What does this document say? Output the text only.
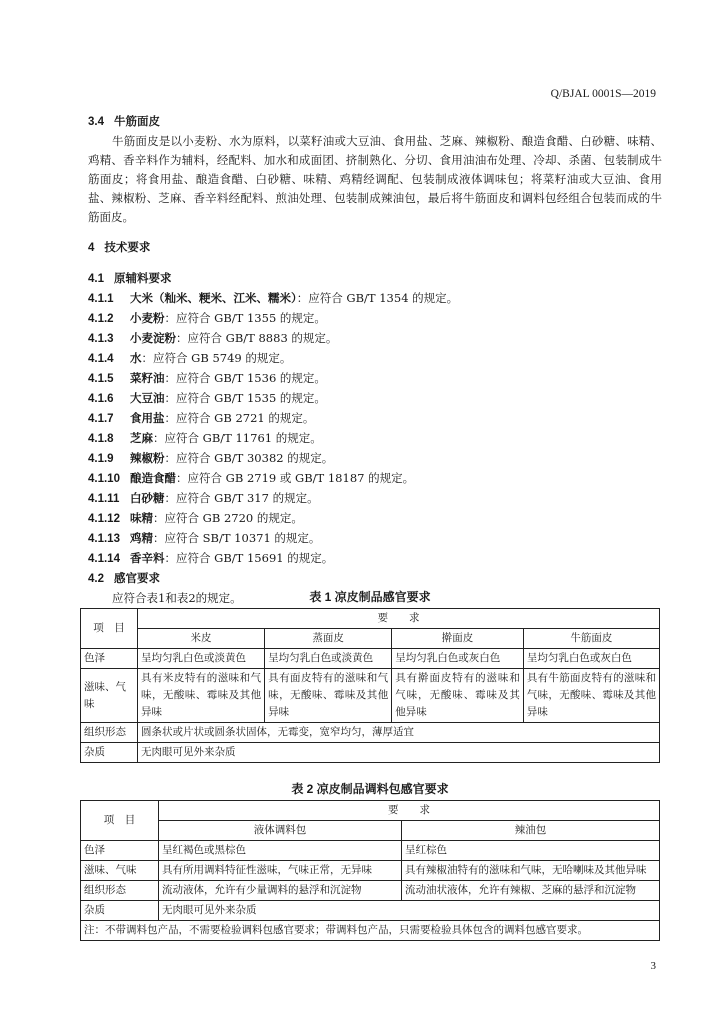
Q/BJAL 0001S—2019

3.4 牛筋面皮

牛筋面皮是以小麦粉、水为原料，以菜籽油或大豆油、食用盐、芝麻、辣椒粉、酿造食醋、白砂糖、味精、鸡精、香辛料作为辅料，经配料、加水和成面团、挤制熟化、分切、食用油油布处理、冷却、杀菌、包装制成牛筋面皮；将食用盐、酿造食醋、白砂糖、味精、鸡精经调配、包装制成液体调味包；将菜籽油或大豆油、食用盐、辣椒粉、芝麻、香辛料经配料、煎油处理、包装制成辣油包，最后将牛筋面皮和调料包经组合包装而成的牛筋面皮。

4 技术要求

4.1 原辅料要求

4.1.1 大米（籼米、粳米、江米、糯米）：应符合 GB/T 1354 的规定。

4.1.2 小麦粉：应符合 GB/T 1355 的规定。

4.1.3 小麦淀粉：应符合 GB/T 8883 的规定。

4.1.4 水：应符合 GB 5749 的规定。

4.1.5 菜籽油：应符合 GB/T 1536 的规定。

4.1.6 大豆油：应符合 GB/T 1535 的规定。

4.1.7 食用盐：应符合 GB 2721 的规定。

4.1.8 芝麻：应符合 GB/T 11761 的规定。

4.1.9 辣椒粉：应符合 GB/T 30382 的规定。

4.1.10 酿造食醋：应符合 GB 2719 或 GB/T 18187 的规定。

4.1.11 白砂糖：应符合 GB/T 317 的规定。

4.1.12 味精：应符合 GB 2720 的规定。

4.1.13 鸡精：应符合 SB/T 10371 的规定。

4.1.14 香辛料：应符合 GB/T 15691 的规定。

4.2 感官要求

应符合表1和表2的规定。	表 1 凉皮制品感官要求
项　目	要　　求			
	米皮	蒸面皮	擀面皮	牛筋面皮
色泽	呈均匀乳白色或淡黄色	呈均匀乳白色或淡黄色	呈均匀乳白色或灰白色	呈均匀乳白色或灰白色
滋味、气味	具有米皮特有的滋味和气味，无酸味、霉味及其他异味	具有面皮特有的滋味和气味，无酸味、霉味及其他异味	具有擀面皮特有的滋味和气味，无酸味、霉味及其他异味	具有牛筋面皮特有的滋味和气味，无酸味、霉味及其他异味
组织形态	圆条状或片状或圆条状固体，无霉变，宽窄均匀，薄厚适宜			
杂质	无肉眼可见外来杂质			
表 2 凉皮制品调料包感官要求
项　目	要　　求	
	液体调料包	辣油包
色泽	呈红褐色或黑棕色	呈红棕色
滋味、气味	具有所用调料特征性滋味，气味正常，无异味	具有辣椒油特有的滋味和气味，无哈喇味及其他异味
组织形态	流动液体，允许有少量调料的悬浮和沉淀物	流动油状液体，允许有辣椒、芝麻的悬浮和沉淀物
杂质	无肉眼可见外来杂质	
注：不带调料包产品，不需要检验调料包感官要求；带调料包产品，只需要检验具体包含的调料包感官要求。		
3
